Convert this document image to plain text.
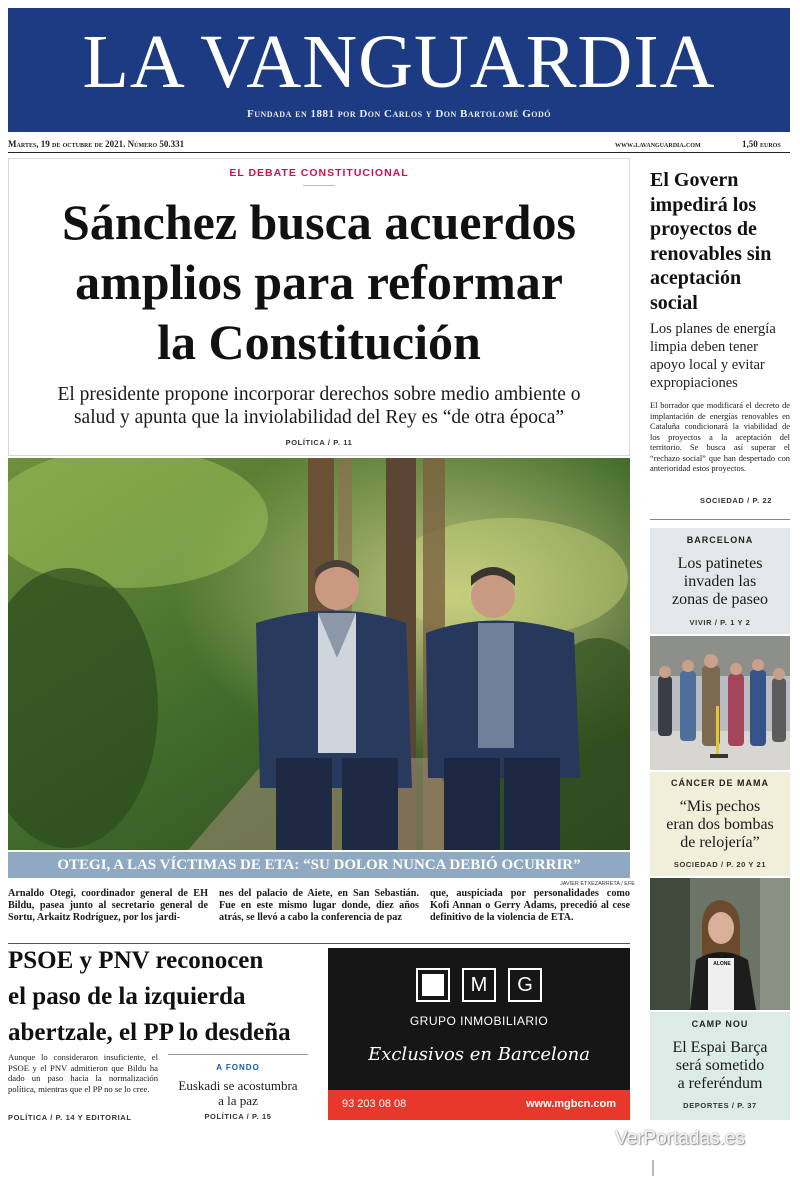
LA VANGUARDIA
Fundada en 1881 por Don Carlos y Don Bartolomé Godó
Martes, 19 de octubre de 2021. Número 50.331	www.lavanguardia.com	1,50 euros
EL DEBATE CONSTITUCIONAL
Sánchez busca acuerdos
amplios para reformar
la Constitución
El presidente propone incorporar derechos sobre medio ambiente o
salud y apunta que la inviolabilidad del Rey es “de otra época”
POLÍTICA / P. 11
OTEGI, A LAS VÍCTIMAS DE ETA: “SU DOLOR NUNCA DEBIÓ OCURRIR”
JAVIER ETXEZARRETA / EFE
Arnaldo Otegi, coordinador general de EH Bildu, pasea junto al secretario general de Sortu, Arkaitz Rodríguez, por los jardi-
nes del palacio de Aiete, en San Sebastián. Fue en este mismo lugar donde, diez años atrás, se llevó a cabo la conferencia de paz
que, auspiciada por personalidades como Kofi Annan o Gerry Adams, precedió al cese definitivo de la violencia de ETA.
PSOE y PNV reconocen
el paso de la izquierda
abertzale, el PP lo desdeña
Aunque lo consideraron insuficiente, el PSOE y el PNV admitieron que Bildu ha dado un paso hacia la normalización política, mientras que el PP no se lo cree.
POLÍTICA / P. 14 Y EDITORIAL
A FONDO
Euskadi se acostumbra
a la paz
POLÍTICA / P. 15
M	G
GRUPO INMOBILIARIO
Exclusivos en Barcelona
93 203 08 08	www.mgbcn.com
El Govern
impedirá los
proyectos de
renovables sin
aceptación
social
Los planes de energía
limpia deben tener
apoyo local y evitar
expropiaciones
El borrador que modificará el decreto de implantación de energías renovables en Cataluña condicionará la viabilidad de los proyectos a la aceptación del territorio. Se busca así superar el “rechazo social” que han despertado con anterioridad estos proyectos.
SOCIEDAD / P. 22
BARCELONA
Los patinetes
invaden las
zonas de paseo
VIVIR / P. 1 Y 2
CÁNCER DE MAMA
“Mis pechos
eran dos bombas
de relojería”
SOCIEDAD / P. 20 Y 21
ARE NOT ALONE
CAMP NOU
El Espai Barça
será sometido
a referéndum
DEPORTES / P. 37
VerPortadas.es
